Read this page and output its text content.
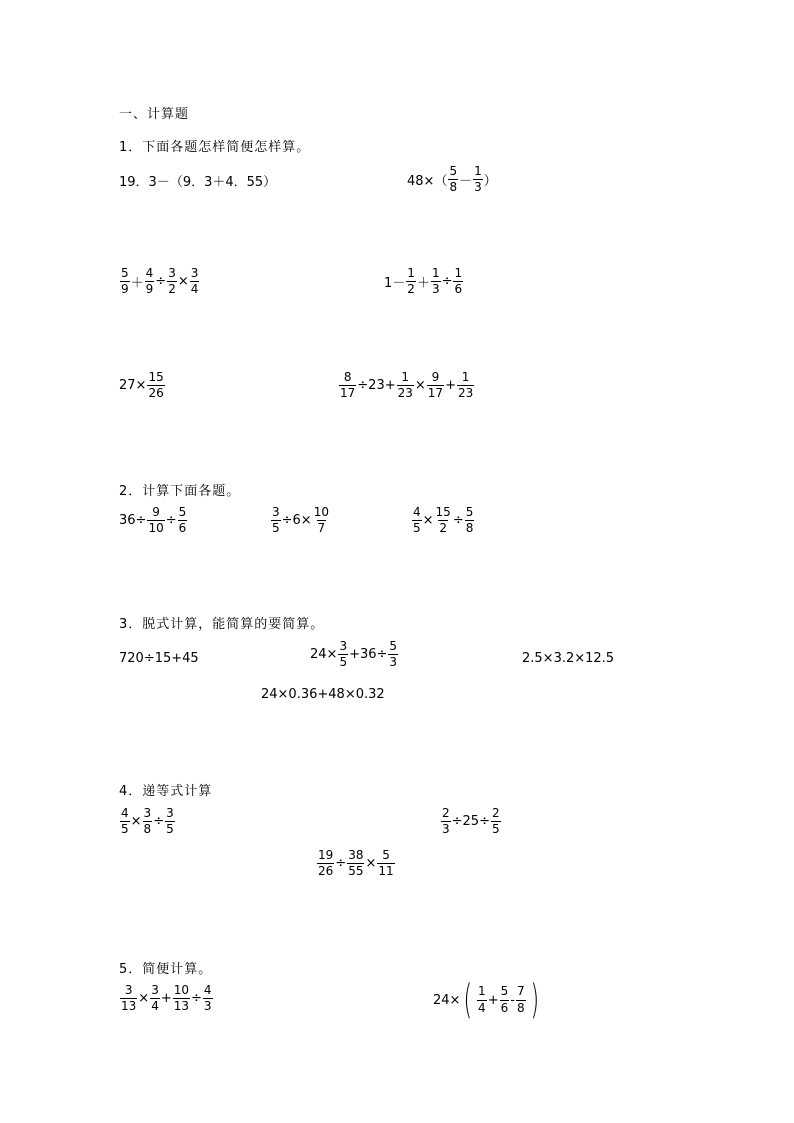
一、计算题
1．下面各题怎样简便怎样算。
19．3－（9．3＋4．55）	$48\times( \frac{5}{8} - \frac{1}{3}$ ）
$\frac{5}{9} + \frac{4}{9} \div \frac{3}{2} \times \frac{3}{4}$	$1- \frac{1}{2} + \frac{1}{3} \div \frac{1}{6}$
$27\times \frac{15}{26}$	$\frac{8}{17} \div 23+ \frac{1}{23} \times \frac{9}{17} + \frac{1}{23}$
2．计算下面各题。
$36\div \frac{9}{10} \div \frac{5}{6}$	$\frac{3}{5} \div 6\times \frac{10}{7}$	$\frac{4}{5} \times \frac{15}{2} \div \frac{5}{8}$
3．脱式计算，能简算的要简算。
720÷15+45	$24\times \frac{3}{5} +36\div \frac{5}{3}$	2.5×3.2×12.5
24×0.36+48×0.32
4．递等式计算
$\frac{4}{5} \times \frac{3}{8} \div \frac{3}{5}$	$\frac{2}{3} \div 25\div \frac{2}{5}$
$\frac{19}{26} \div \frac{38}{55} \times \frac{5}{11}$
5．简便计算。
$\frac{3}{13} \times \frac{3}{4} + \frac{10}{13} \div \frac{4}{3}$	24× ( $\frac{1}{4} + \frac{5}{6} - \frac{7}{8}$ )
